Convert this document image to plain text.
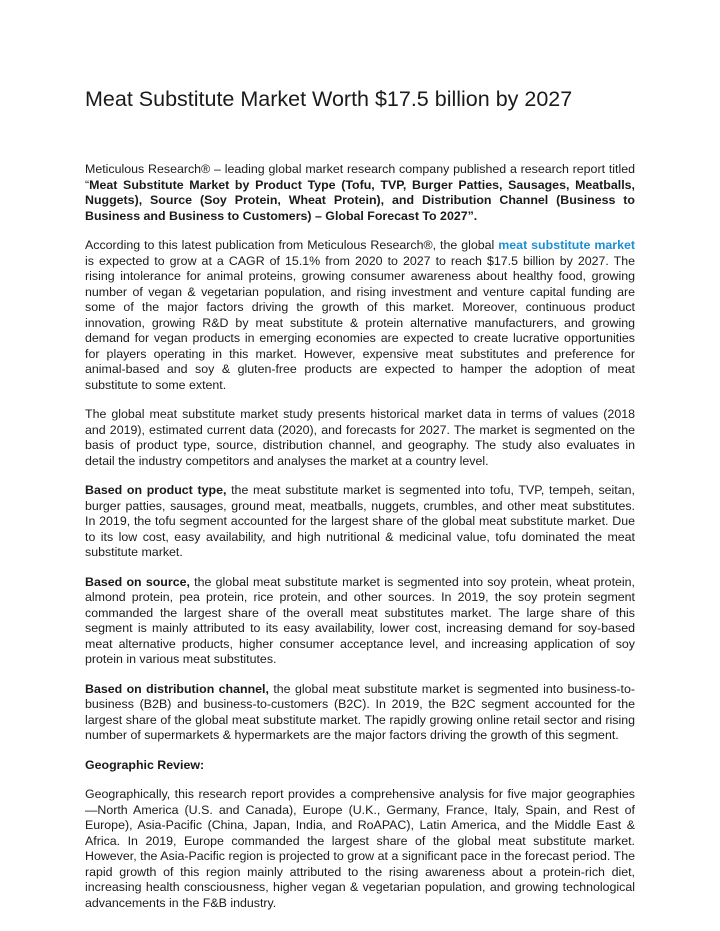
Meat Substitute Market Worth $17.5 billion by 2027

Meticulous Research® – leading global market research company published a research report titled “Meat Substitute Market by Product Type (Tofu, TVP, Burger Patties, Sausages, Meatballs, Nuggets), Source (Soy Protein, Wheat Protein), and Distribution Channel (Business to Business and Business to Customers) – Global Forecast To 2027”.

According to this latest publication from Meticulous Research®, the global meat substitute market is expected to grow at a CAGR of 15.1% from 2020 to 2027 to reach $17.5 billion by 2027. The rising intolerance for animal proteins, growing consumer awareness about healthy food, growing number of vegan & vegetarian population, and rising investment and venture capital funding are some of the major factors driving the growth of this market. Moreover, continuous product innovation, growing R&D by meat substitute & protein alternative manufacturers, and growing demand for vegan products in emerging economies are expected to create lucrative opportunities for players operating in this market. However, expensive meat substitutes and preference for animal-based and soy & gluten-free products are expected to hamper the adoption of meat substitute to some extent.

The global meat substitute market study presents historical market data in terms of values (2018 and 2019), estimated current data (2020), and forecasts for 2027. The market is segmented on the basis of product type, source, distribution channel, and geography. The study also evaluates in detail the industry competitors and analyses the market at a country level.

Based on product type, the meat substitute market is segmented into tofu, TVP, tempeh, seitan, burger patties, sausages, ground meat, meatballs, nuggets, crumbles, and other meat substitutes. In 2019, the tofu segment accounted for the largest share of the global meat substitute market. Due to its low cost, easy availability, and high nutritional & medicinal value, tofu dominated the meat substitute market.

Based on source, the global meat substitute market is segmented into soy protein, wheat protein, almond protein, pea protein, rice protein, and other sources. In 2019, the soy protein segment commanded the largest share of the overall meat substitutes market. The large share of this segment is mainly attributed to its easy availability, lower cost, increasing demand for soy-based meat alternative products, higher consumer acceptance level, and increasing application of soy protein in various meat substitutes.

Based on distribution channel, the global meat substitute market is segmented into business-to-business (B2B) and business-to-customers (B2C). In 2019, the B2C segment accounted for the largest share of the global meat substitute market. The rapidly growing online retail sector and rising number of supermarkets & hypermarkets are the major factors driving the growth of this segment.

Geographic Review:

Geographically, this research report provides a comprehensive analysis for five major geographies—North America (U.S. and Canada), Europe (U.K., Germany, France, Italy, Spain, and Rest of Europe), Asia-Pacific (China, Japan, India, and RoAPAC), Latin America, and the Middle East & Africa. In 2019, Europe commanded the largest share of the global meat substitute market. However, the Asia-Pacific region is projected to grow at a significant pace in the forecast period. The rapid growth of this region mainly attributed to the rising awareness about a protein-rich diet, increasing health consciousness, higher vegan & vegetarian population, and growing technological advancements in the F&B industry.
